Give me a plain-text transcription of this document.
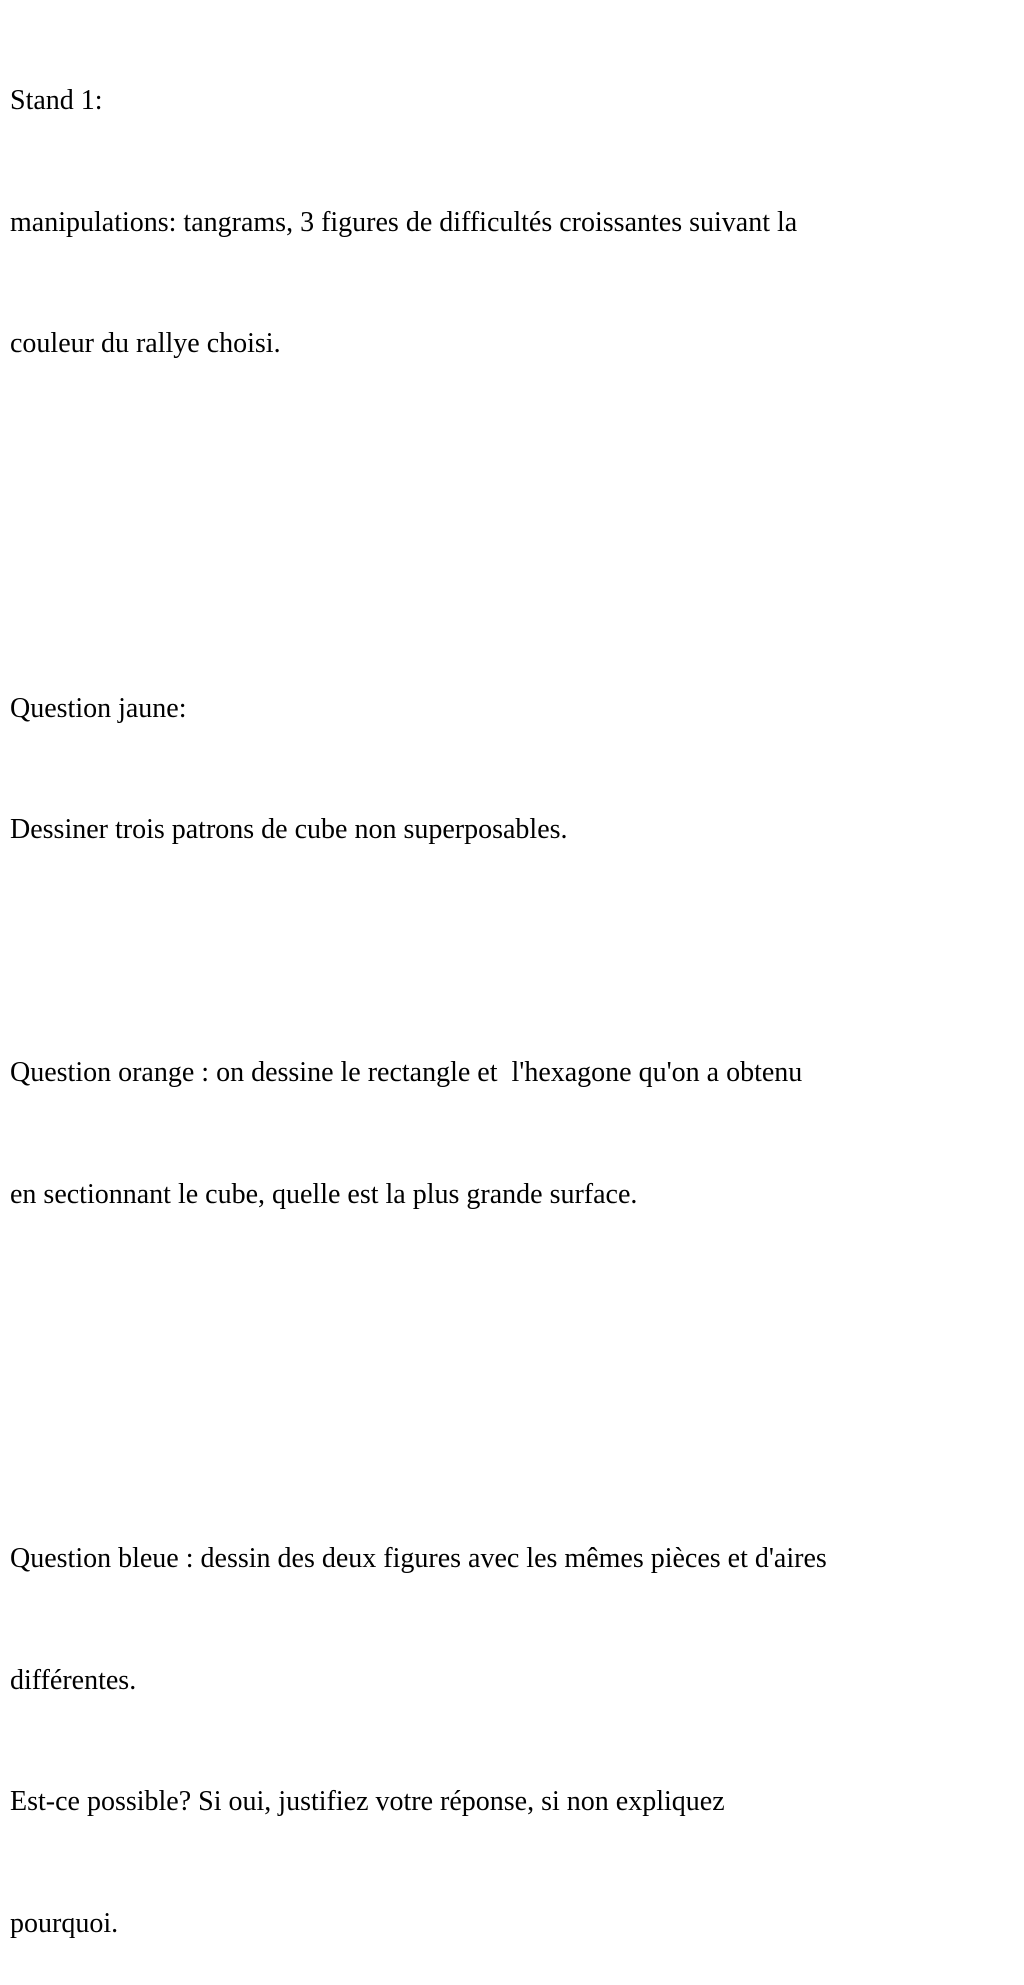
Stand 1:

manipulations: tangrams, 3 figures de difficultés croissantes suivant la

couleur du rallye choisi.

Question jaune:

Dessiner trois patrons de cube non superposables.

Question orange : on dessine le rectangle et  l'hexagone qu'on a obtenu

en sectionnant le cube, quelle est la plus grande surface.

Question bleue : dessin des deux figures avec les mêmes pièces et d'aires

différentes.

Est-ce possible? Si oui, justifiez votre réponse, si non expliquez

pourquoi.
